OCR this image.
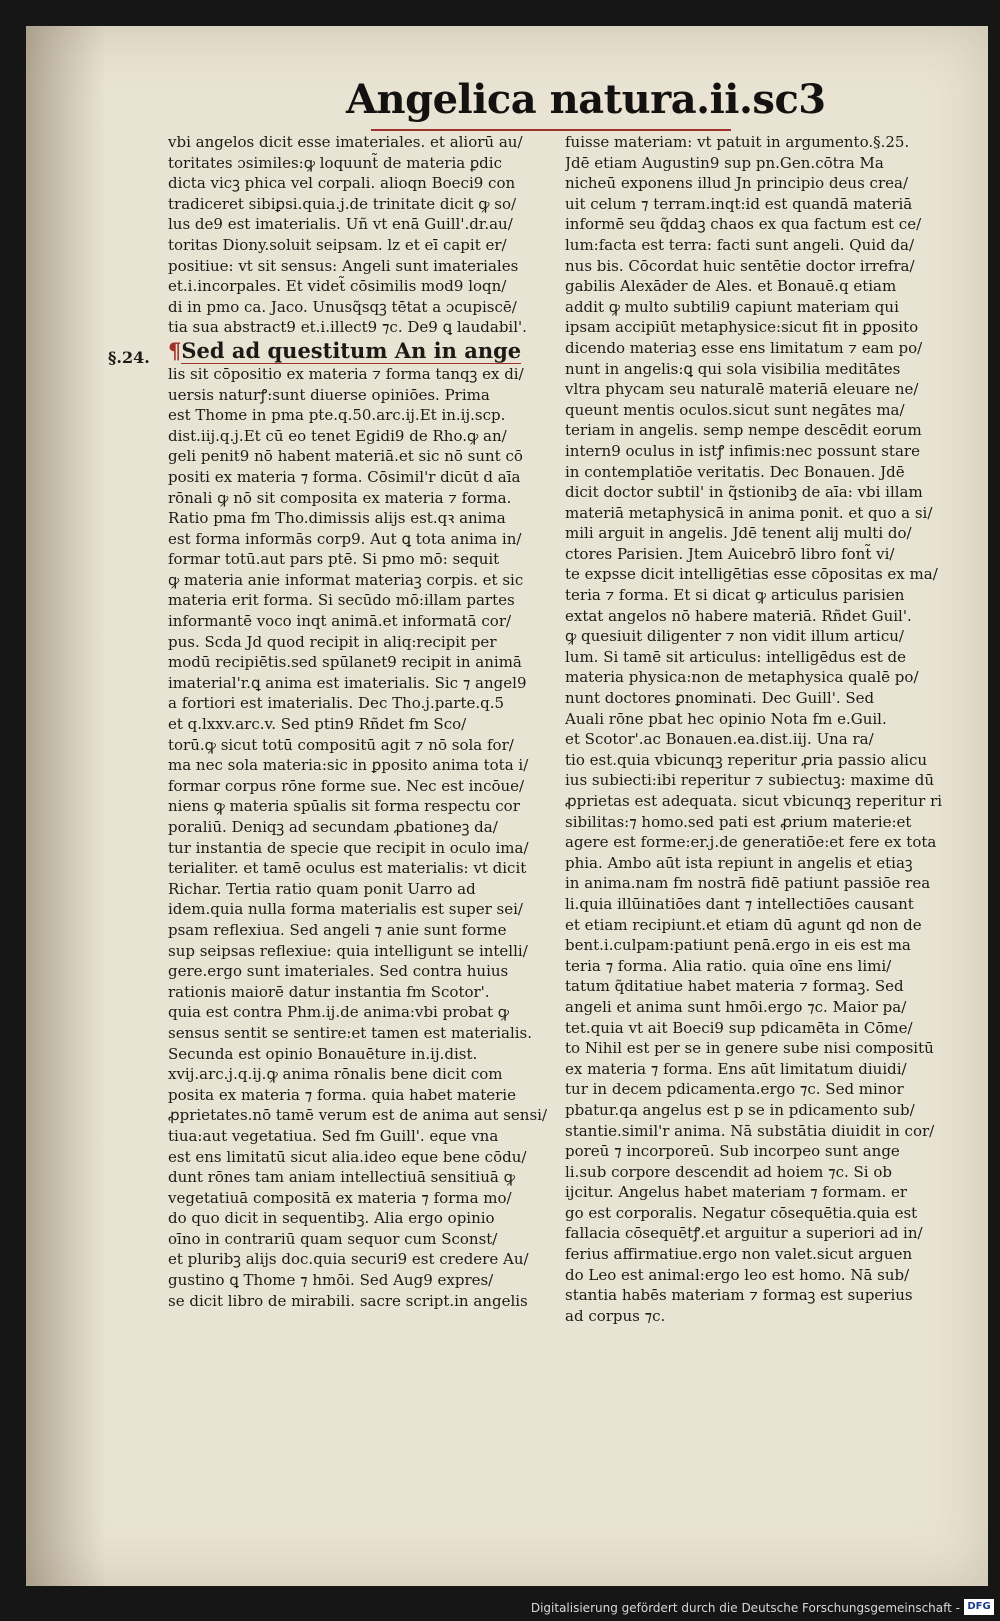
Angelica natura.ii.sc3
§.24.
vbi angelos dicit esse imateriales. et aliorū au/
toritates ɔsimiles:ꝙ loquunt̃ de materia ꝑdic
dicta vicꝫ phica vel corpali. alioqn Boeci9 con
tradiceret sibiꝑsi.quia.j.de trinitate dicit ꝙ so/
lus de9 est imaterialis. Uñ vt enā Guill'.dr.au/
toritas Diony.soluit seipsam. lz et eī capit er/
positiue: vt sit sensus: Angeli sunt imateriales
et.i.incorpales. Et videt̃ cōsimilis mod9 loqn/
di in pmo ca. Jaco. Unusq̃sqꝫ tētat a ɔcupiscē/
tia sua abstract9 et.i.illect9 ⁊c. De9 ꝗ laudabil'.
¶Sed ad questitum An in ange
lis sit cōpositio ex materia ⁊ forma tanqꝫ ex di/
uersis naturꝭ:sunt diuerse opiniōes. Prima
est Thome in pma pte.q.50.arc.ij.Et in.ij.scp.
dist.iij.q.j.Et cū eo tenet Egidi9 de Rho.ꝙ an/
geli penit9 nō habent materiā.et sic nō sunt cō
positi ex materia ⁊ forma. Cōsimil'r dicūt d aīa
rōnali ꝙ nō sit composita ex materia ⁊ forma.
Ratio pma fm Tho.dimissis alijs est.qꝛ anima
est forma informās corp9. Aut ꝗ tota anima in/
formar totū.aut pars ptē. Si pmo mō: sequit
ꝙ materia anie informat materiaꝫ corpis. et sic
materia erit forma. Si secūdo mō:illam partes
informantē voco inqt animā.et informatā cor/
pus. Scda Jd quod recipit in aliq:recipit per
modū recipiētis.sed spūlanet9 recipit in animā
imaterial'r.ꝗ anima est imaterialis. Sic ⁊ angel9
a fortiori est imaterialis. Dec Tho.j.parte.q.5
et q.lxxv.arc.v. Sed ptin9 Rñdet fm Sco/
torū.ꝙ sicut totū compositū agit ⁊ nō sola for/
ma nec sola materia:sic in ꝑposito anima tota i/
formar corpus rōne forme sue. Nec est incōue/
niens ꝙ materia spūalis sit forma respectu cor
poraliū. Deniqꝫ ad secundam ꝓbationeꝫ da/
tur instantia de specie que recipit in oculo ima/
terialiter. et tamē oculus est materialis: vt dicit
Richar. Tertia ratio quam ponit Uarro ad
idem.quia nulla forma materialis est super sei/
psam reflexiua. Sed angeli ⁊ anie sunt forme
sup seipsas reflexiue: quia intelligunt se intelli/
gere.ergo sunt imateriales. Sed contra huius
rationis maiorē datur instantia fm Scotor'.
quia est contra Phm.ij.de anima:vbi probat ꝙ
sensus sentit se sentire:et tamen est materialis.
Secunda est opinio Bonauēture in.ij.dist.
xvij.arc.j.q.ij.ꝙ anima rōnalis bene dicit com
posita ex materia ⁊ forma. quia habet materie
ꝓprietates.nō tamē verum est de anima aut sensi/
tiua:aut vegetatiua. Sed fm Guill'. eque vna
est ens limitatū sicut alia.ideo eque bene cōdu/
dunt rōnes tam aniam intellectiuā sensitiuā ꝙ
vegetatiuā compositā ex materia ⁊ forma mo/
do quo dicit in sequentibꝫ. Alia ergo opinio
oīno in contrariū quam sequor cum Sconst/
et pluribꝫ alijs doc.quia securi9 est credere Au/
gustino ꝗ Thome ⁊ hmōi. Sed Aug9 expres/
se dicit libro de mirabili. sacre script.in angelis
fuisse materiam: vt patuit in argumento.§.25.
Jdē etiam Augustin9 sup pn.Gen.cōtra Ma
nicheū exponens illud Jn principio deus crea/
uit celum ⁊ terram.inqt:id est quandā materiā
informē seu q̃ddaꝫ chaos ex qua factum est ce/
lum:facta est terra: facti sunt angeli. Quid da/
nus bis. Cōcordat huic sentētie doctor irrefra/
gabilis Alexāder de Ales. et Bonauē.q etiam
addit ꝙ multo subtili9 capiunt materiam qui
ipsam accipiūt metaphysice:sicut fit in ꝑposito
dicendo materiaꝫ esse ens limitatum ⁊ eam po/
nunt in angelis:ꝗ qui sola visibilia meditātes
vltra phycam seu naturalē materiā eleuare ne/
queunt mentis oculos.sicut sunt negātes ma/
teriam in angelis. semp nempe descēdit eorum
intern9 oculus in istꝭ infimis:nec possunt stare
in contemplatiōe veritatis. Dec Bonauen. Jdē
dicit doctor subtil' in q̃stionibꝫ de aīa: vbi illam
materiā metaphysicā in anima ponit. et quo a si/
mili arguit in angelis. Jdē tenent alij multi do/
ctores Parisien. Jtem Auicebrō libro font̃ vi/
te expsse dicit intelligētias esse cōpositas ex ma/
teria ⁊ forma. Et si dicat ꝙ articulus parisien
extat angelos nō habere materiā. Rñdet Guil'.
ꝙ quesiuit diligenter ⁊ non vidit illum articu/
lum. Si tamē sit articulus: intelligēdus est de
materia physica:non de metaphysica qualē po/
nunt doctores ꝑnominati. Dec Guill'. Sed
Auali rōne pbat hec opinio Nota fm e.Guil.
et Scotor'.ac Bonauen.ea.dist.iij. Una ra/
tio est.quia vbicunqꝫ reperitur ꝓria passio alicu
ius subiecti:ibi reperitur ⁊ subiectuꝫ: maxime dū
ꝓprietas est adequata. sicut vbicunqꝫ reperitur ri
sibilitas:⁊ homo.sed pati est ꝓrium materie:et
agere est forme:er.j.de generatiōe:et fere ex tota
phia. Ambo aūt ista repiunt in angelis et etiaꝫ
in anima.nam fm nostrā fidē patiunt passiōe rea
li.quia illūinatiōes dant ⁊ intellectiōes causant
et etiam recipiunt.et etiam dū agunt qd non de
bent.i.culpam:patiunt penā.ergo in eis est ma
teria ⁊ forma. Alia ratio. quia oīne ens limi/
tatum q̃ditatiue habet materia ⁊ formaꝫ. Sed
angeli et anima sunt hmōi.ergo ⁊c. Maior pa/
tet.quia vt ait Boeci9 sup pdicamēta in Cōme/
to Nihil est per se in genere sube nisi compositū
ex materia ⁊ forma. Ens aūt limitatum diuidi/
tur in decem pdicamenta.ergo ⁊c. Sed minor
pbatur.qa angelus est p se in pdicamento sub/
stantie.simil'r anima. Nā substātia diuidit in cor/
poreū ⁊ incorporeū. Sub incorpeo sunt ange
li.sub corpore descendit ad hoiem ⁊c. Si ob
ijcitur. Angelus habet materiam ⁊ formam. er
go est corporalis. Negatur cōsequētia.quia est
fallacia cōsequētꝭ.et arguitur a superiori ad in/
ferius affirmatiue.ergo non valet.sicut arguen
do Leo est animal:ergo leo est homo. Nā sub/
stantia habēs materiam ⁊ formaꝫ est superius
ad corpus ⁊c.
Digitalisierung gefördert durch die Deutsche Forschungsgemeinschaft - DFG
